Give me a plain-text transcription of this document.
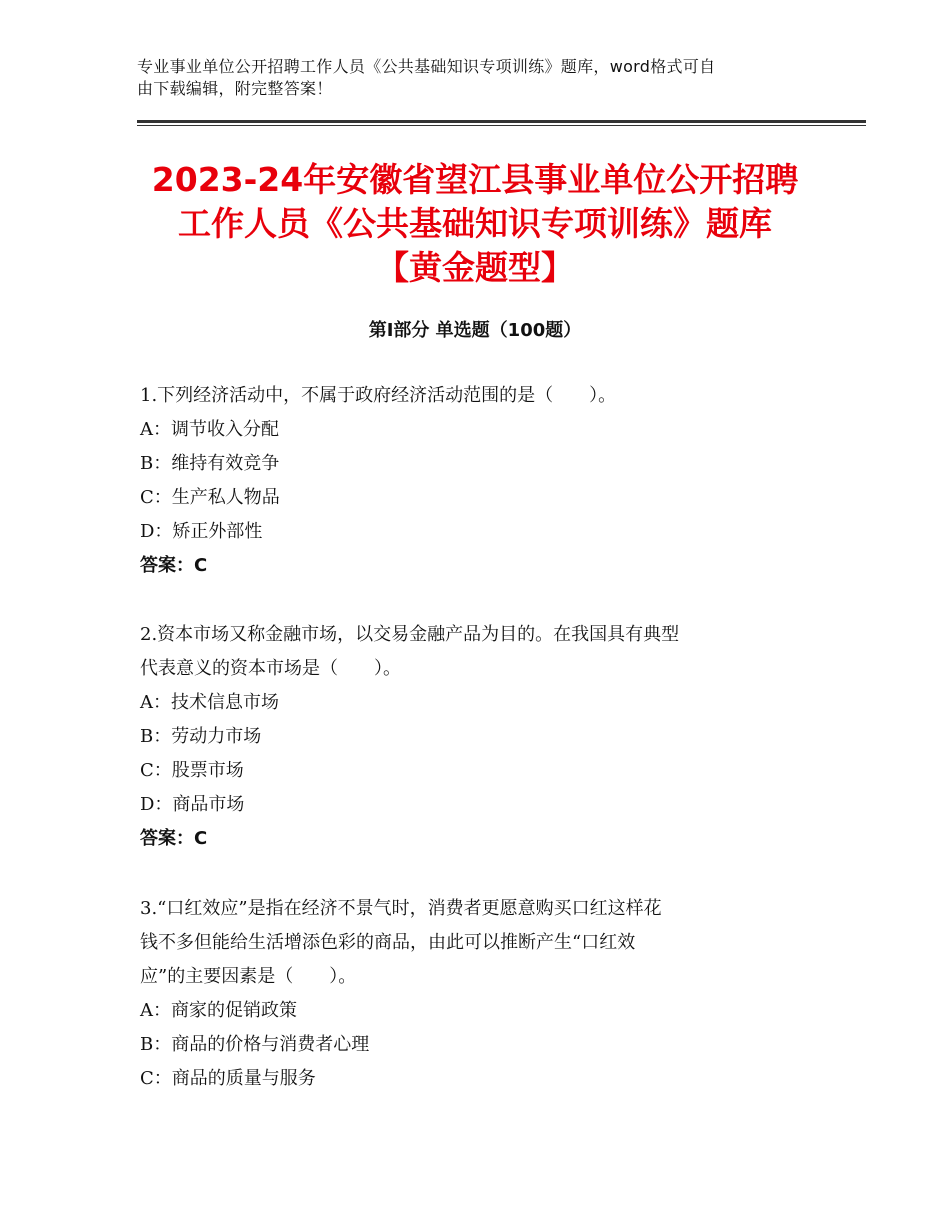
专业事业单位公开招聘工作人员《公共基础知识专项训练》题库，word格式可自
由下载编辑，附完整答案！
2023-24年安徽省望江县事业单位公开招聘
工作人员《公共基础知识专项训练》题库
【黄金题型】
第Ⅰ部分 单选题（100题）
1.下列经济活动中，不属于政府经济活动范围的是（　　）。
A：调节收入分配
B：维持有效竞争
C：生产私人物品
D：矫正外部性
答案：C
2.资本市场又称金融市场，以交易金融产品为目的。在我国具有典型
代表意义的资本市场是（　　）。
A：技术信息市场
B：劳动力市场
C：股票市场
D：商品市场
答案：C
3.“口红效应”是指在经济不景气时，消费者更愿意购买口红这样花
钱不多但能给生活增添色彩的商品，由此可以推断产生“口红效
应”的主要因素是（　　）。
A：商家的促销政策
B：商品的价格与消费者心理
C：商品的质量与服务
